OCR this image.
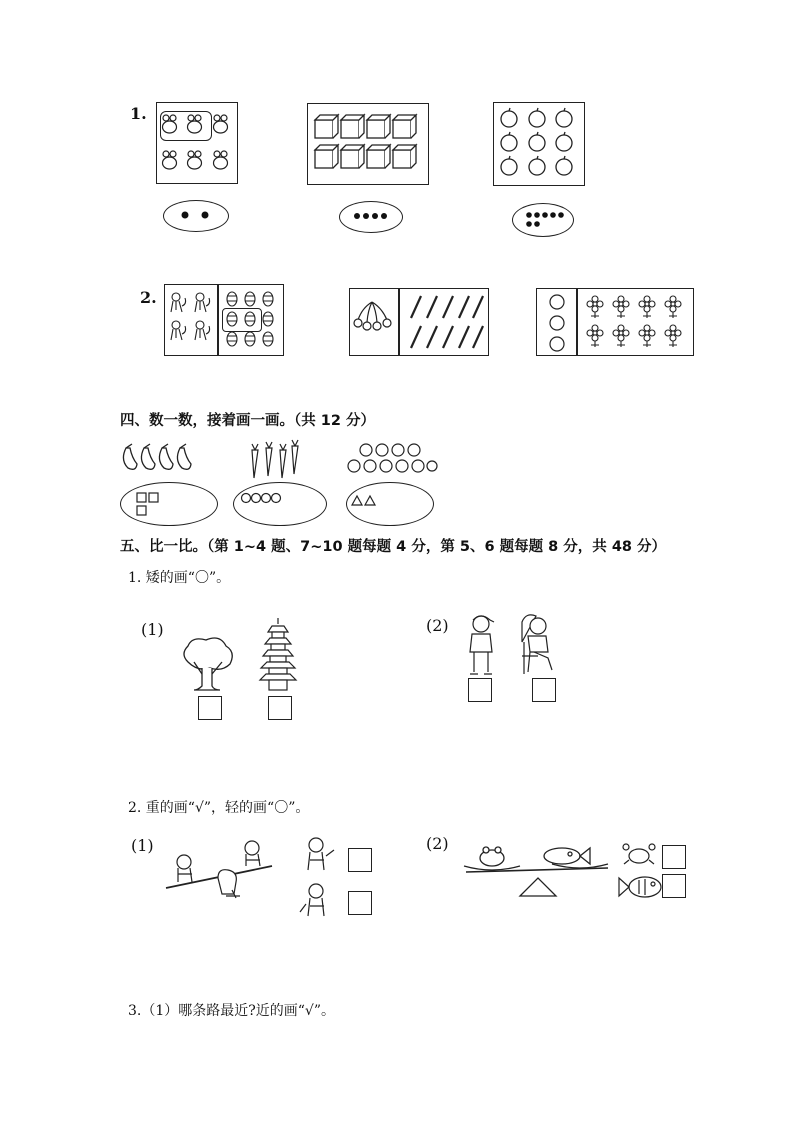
1.
2.
四、数一数，接着画一画。（共 12 分）
五、比一比。（第 1~4 题、7~10 题每题 4 分，第 5、6 题每题 8 分，共 48 分）
1. 矮的画“〇”。
(1)	(2)
2. 重的画“√”，轻的画“〇”。
(1)	(2)
3.（1）哪条路最近?近的画“√”。
